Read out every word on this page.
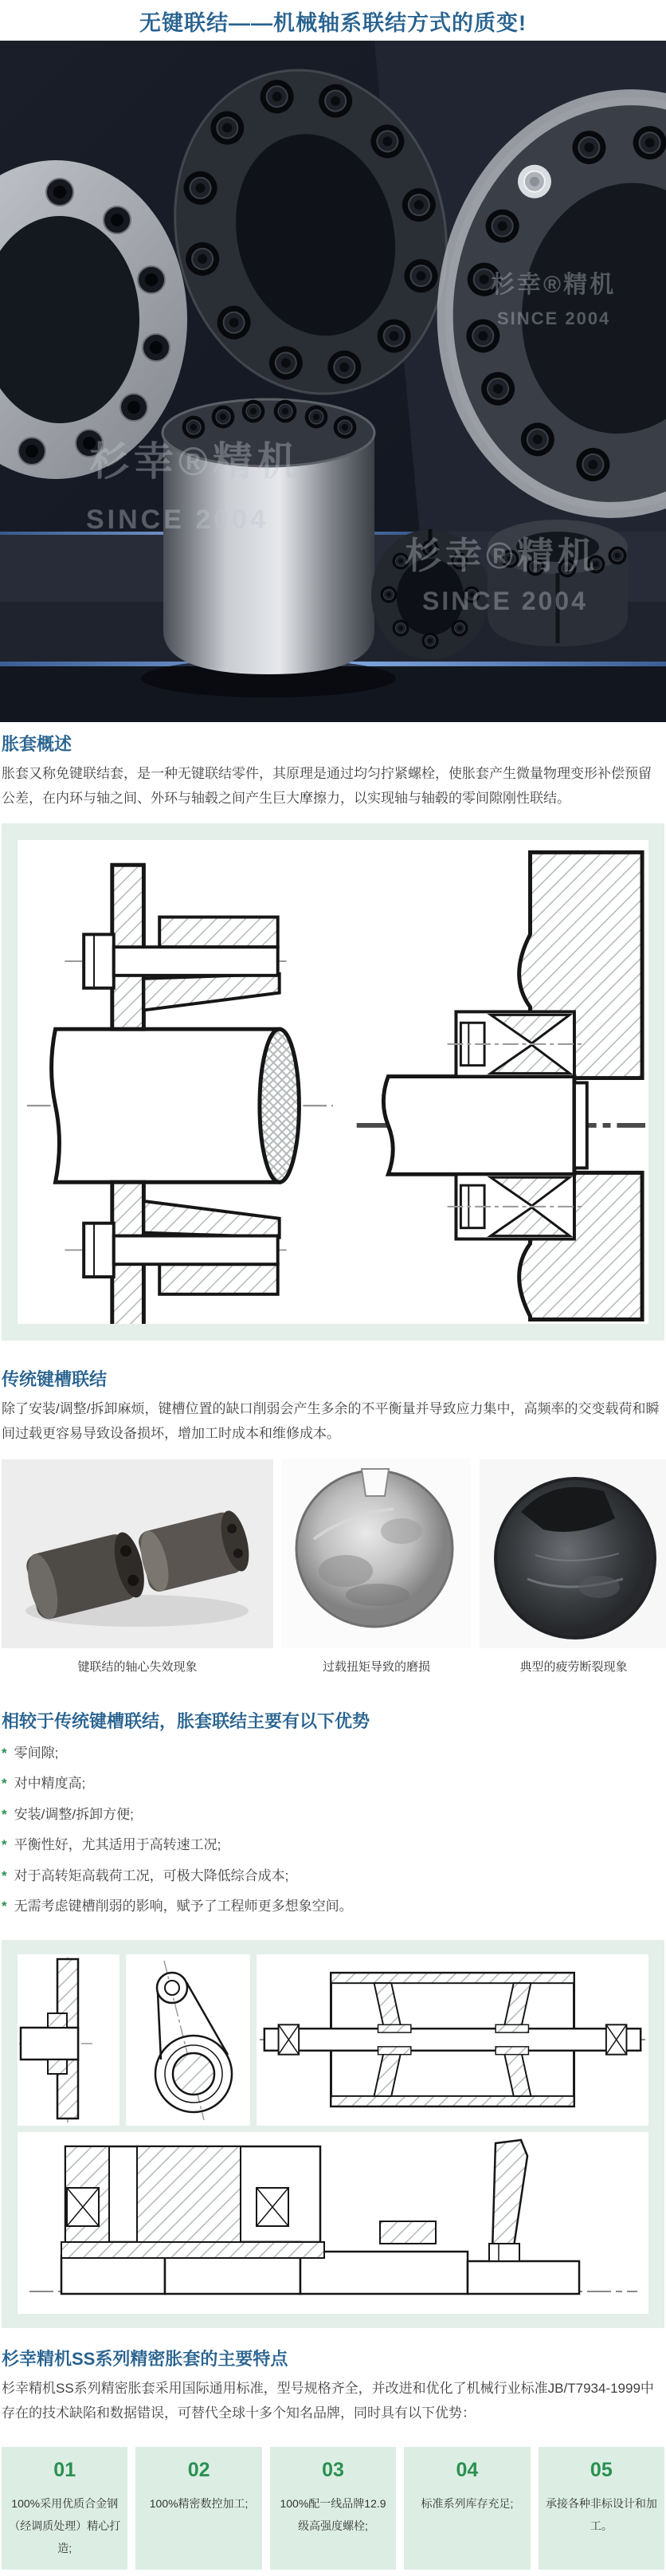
无键联结——机械轴系联结方式的质变!
杉幸®精机
SINCE 2004
杉幸®精机
SINCE 2004
杉幸®精机
SINCE 2004
胀套概述

胀套又称免键联结套，是一种无键联结零件，其原理是通过均匀拧紧螺栓，使胀套产生微量物理变形补偿预留公差，在内环与轴之间、外环与轴毂之间产生巨大摩擦力，以实现轴与轴毂的零间隙刚性联结。

传统键槽联结

除了安装/调整/拆卸麻烦，键槽位置的缺口削弱会产生多余的不平衡量并导致应力集中，高频率的交变载荷和瞬间过载更容易导致设备损坏，增加工时成本和维修成本。

键联结的轴心失效现象	过载扭矩导致的磨损	典型的疲劳断裂现象
相较于传统键槽联结，胀套联结主要有以下优势
* 零间隙;
* 对中精度高;
* 安装/调整/拆卸方便;
* 平衡性好，尤其适用于高转速工况;
* 对于高转矩高载荷工况，可极大降低综合成本;
* 无需考虑键槽削弱的影响，赋予了工程师更多想象空间。
杉幸精机SS系列精密胀套的主要特点

杉幸精机SS系列精密胀套采用国际通用标准，型号规格齐全，并改进和优化了机械行业标准JB/T7934-1999中存在的技术缺陷和数据错误，可替代全球十多个知名品牌，同时具有以下优势：

01
100%采用优质合金钢（经调质处理）精心打造;
02
100%精密数控加工;
03
100%配一线品牌12.9级高强度螺栓;
04
标准系列库存充足;
05
承接各种非标设计和加工。
